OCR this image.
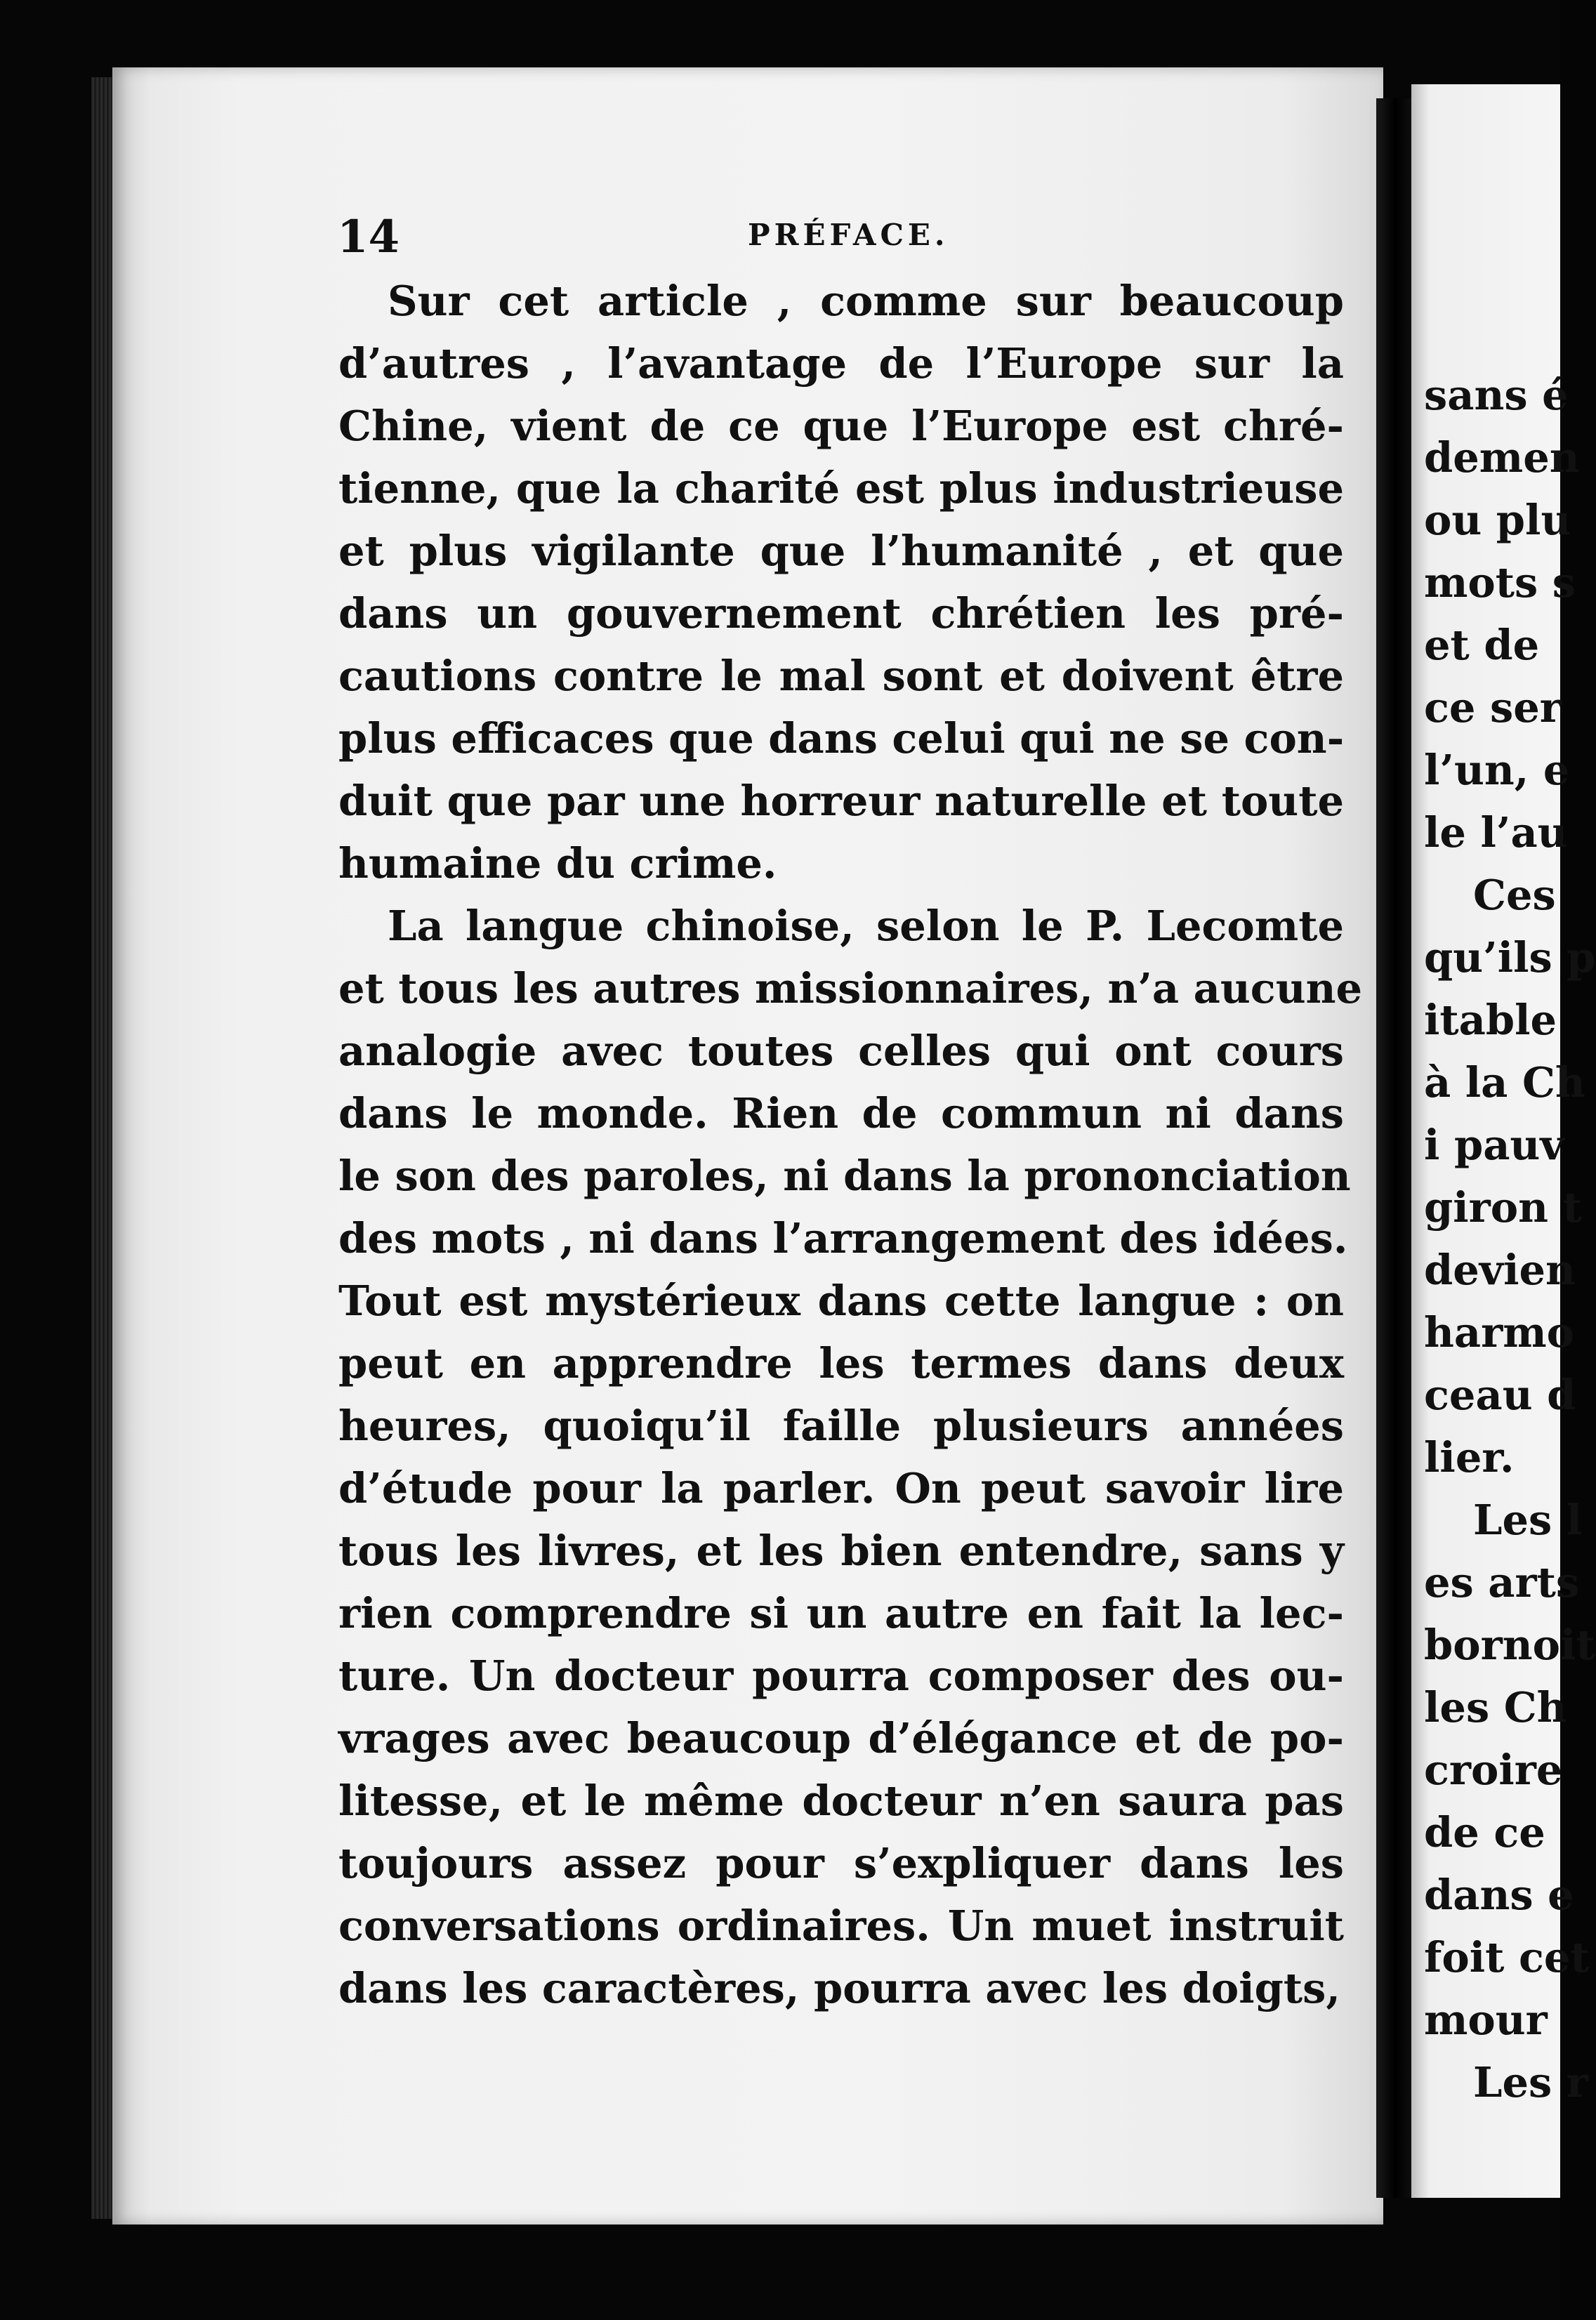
sans é
demen
ou plu
mots s
et de
ce ser
l’un, e
le l’au
Ces
qu’ils p
itable
à la Ch
i pauv
giron t
devien
harmo
ceau d
lier.
Les l
es arts
bornoit
les Ch
croire
de ce
dans e
foit cet
mour
Les r
14	PRÉFACE.
Sur cet article , comme sur beaucoup
d’autres , l’avantage de l’Europe sur la
Chine, vient de ce que l’Europe est chré-
tienne, que la charité est plus industrieuse
et plus vigilante que l’humanité , et que
dans un gouvernement chrétien les pré-
cautions contre le mal sont et doivent être
plus efficaces que dans celui qui ne se con-
duit que par une horreur naturelle et toute
humaine du crime.
La langue chinoise, selon le P. Lecomte
et tous les autres missionnaires, n’a aucune
analogie avec toutes celles qui ont cours
dans le monde. Rien de commun ni dans
le son des paroles, ni dans la prononciation
des mots , ni dans l’arrangement des idées.
Tout est mystérieux dans cette langue : on
peut en apprendre les termes dans deux
heures, quoiqu’il faille plusieurs années
d’étude pour la parler. On peut savoir lire
tous les livres, et les bien entendre, sans y
rien comprendre si un autre en fait la lec-
ture. Un docteur pourra composer des ou-
vrages avec beaucoup d’élégance et de po-
litesse, et le même docteur n’en saura pas
toujours assez pour s’expliquer dans les
conversations ordinaires. Un muet instruit
dans les caractères, pourra avec les doigts,
